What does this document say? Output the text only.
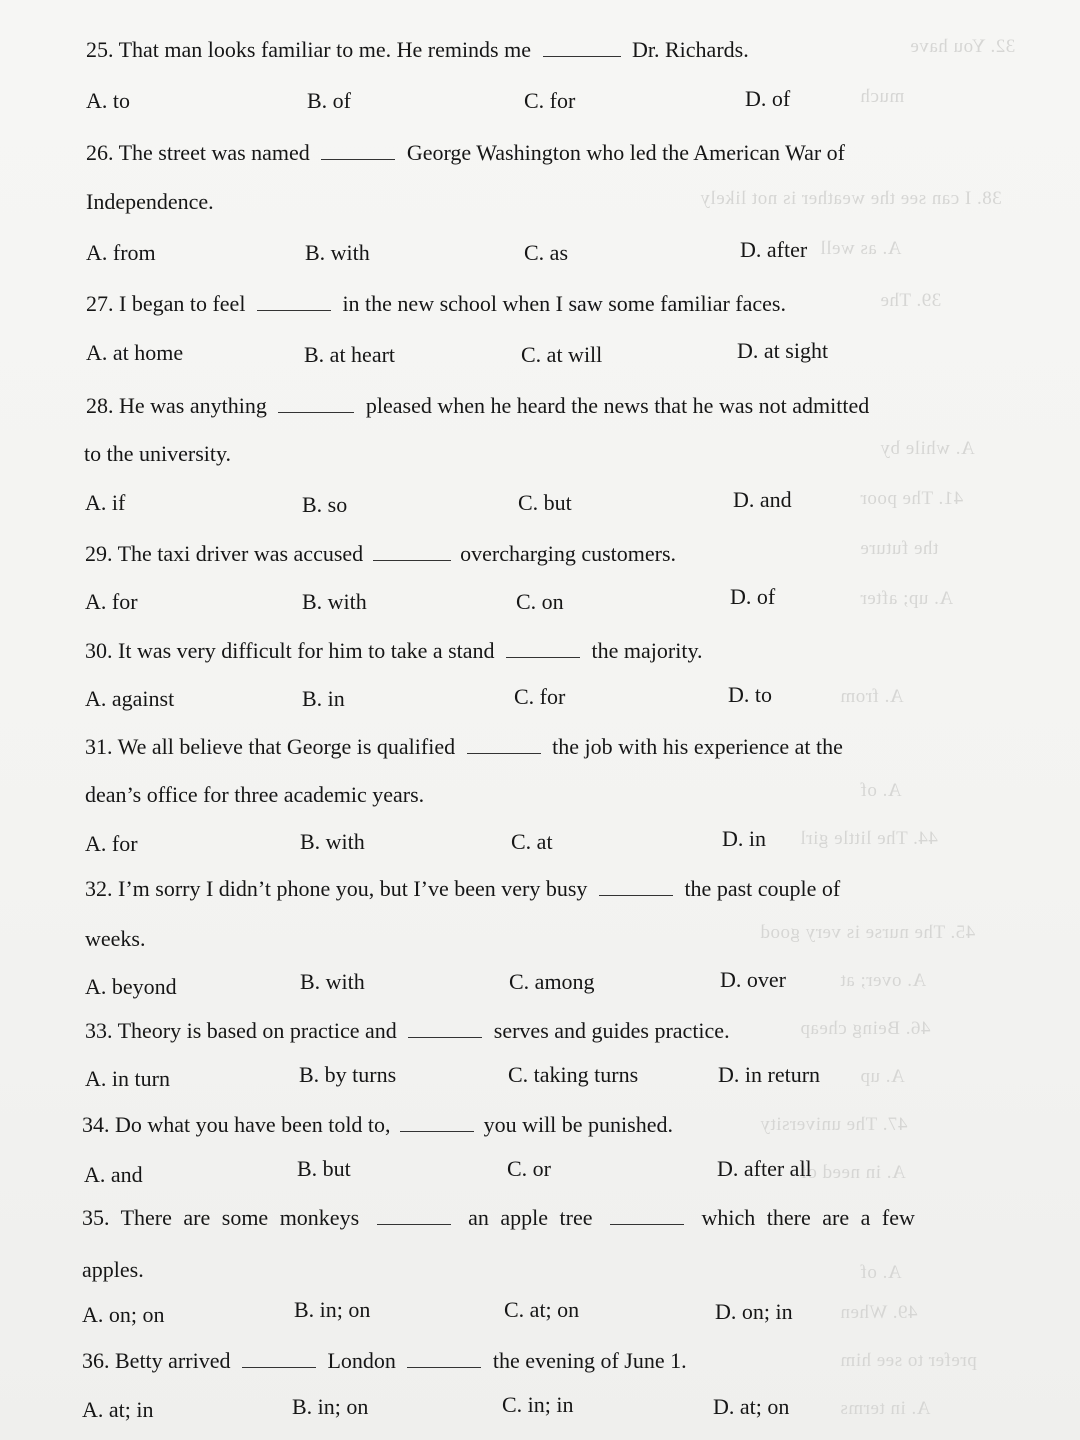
32. You have
much
38. I can see the weather is not likely
A. as well
39. The
A. while by
41. The poor
the future
A. up; after
A. from
A. of
44. The little girl
45. The nurse is very good
A. over; at
46. Being cheap
A. up
47. The university
A. in need of
A. of
49. When
prefer to see him
A. in terms
25. That man looks familiar to me. He reminds me	Dr. Richards.
A. to	B. of	C. for	D. of
26. The street was named	George Washington who led the American War of
Independence.
A. from	B. with	C. as	D. after
27. I began to feel	in the new school when I saw some familiar faces.
A. at home	B. at heart	C. at will	D. at sight
28. He was anything	pleased when he heard the news that he was not admitted
to the university.
A. if	B. so	C. but	D. and
29. The taxi driver was accused	overcharging customers.
A. for	B. with	C. on	D. of
30. It was very difficult for him to take a stand	the majority.
A. against	B. in	C. for	D. to
31. We all believe that George is qualified	the job with his experience at the
dean’s office for three academic years.
A. for	B. with	C. at	D. in
32. I’m sorry I didn’t phone you, but I’ve been very busy	the past couple of
weeks.
A. beyond	B. with	C. among	D. over
33. Theory is based on practice and	serves and guides practice.
A. in turn	B. by turns	C. taking turns	D. in return
34. Do what you have been told to,	you will be punished.
A. and	B. but	C. or	D. after all
35. There are some monkeys	an apple tree	which there are a few
apples.
A. on; on	B. in; on	C. at; on	D. on; in
36. Betty arrived	London	the evening of June 1.
A. at; in	B. in; on	C. in; in	D. at; on
